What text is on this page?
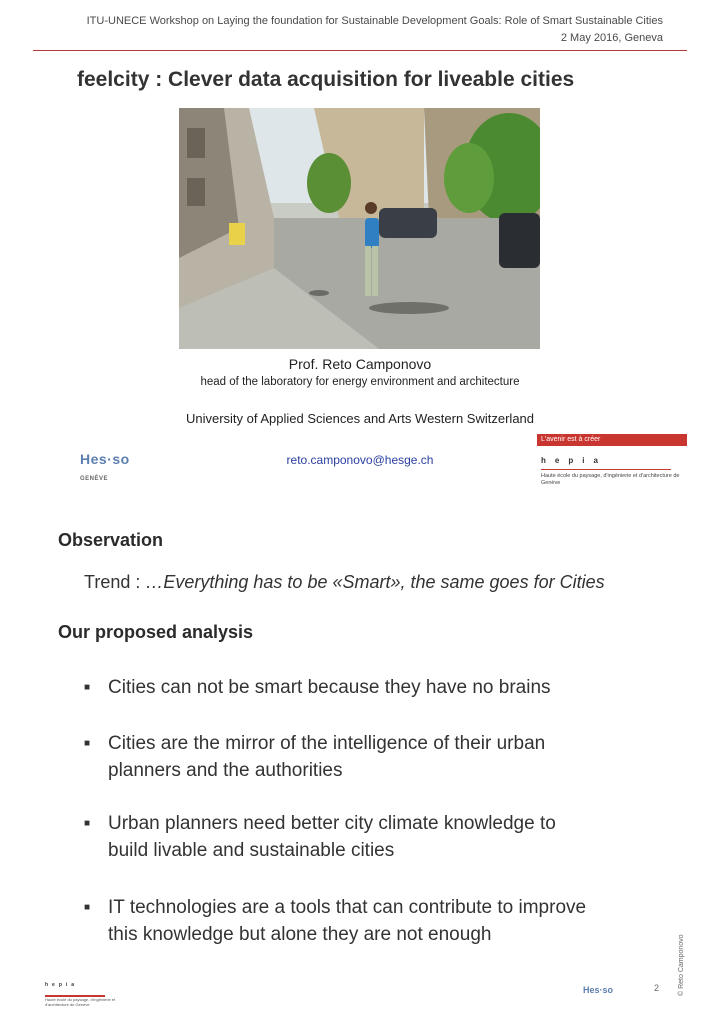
ITU-UNECE Workshop on Laying the foundation for Sustainable Development Goals: Role of Smart Sustainable Cities
2 May 2016, Geneva
feelcity : Clever data acquisition for liveable cities
Prof. Reto Camponovo
head of the laboratory for energy environment and architecture
University of Applied Sciences and Arts Western Switzerland
reto.camponovo@hesge.ch
Hes·so GENÈVE
L'avenir est à créer
hepia
Haute école du paysage, d'ingénierie et d'architecture de Genève
Observation
Trend : …Everything has to be «Smart», the same goes for Cities
Our proposed analysis
■ Cities can not be smart because they have no brains
■ Cities are the mirror of the intelligence of their urban planners and the authorities
■ Urban planners need better city climate knowledge to build livable and sustainable cities
■ IT technologies are a tools that can contribute to improve this knowledge but alone they are not enough
hepia
Haute école du paysage, d'ingénierie et d'architecture de Genève
Hes·so	2	© Reto Camponovo
